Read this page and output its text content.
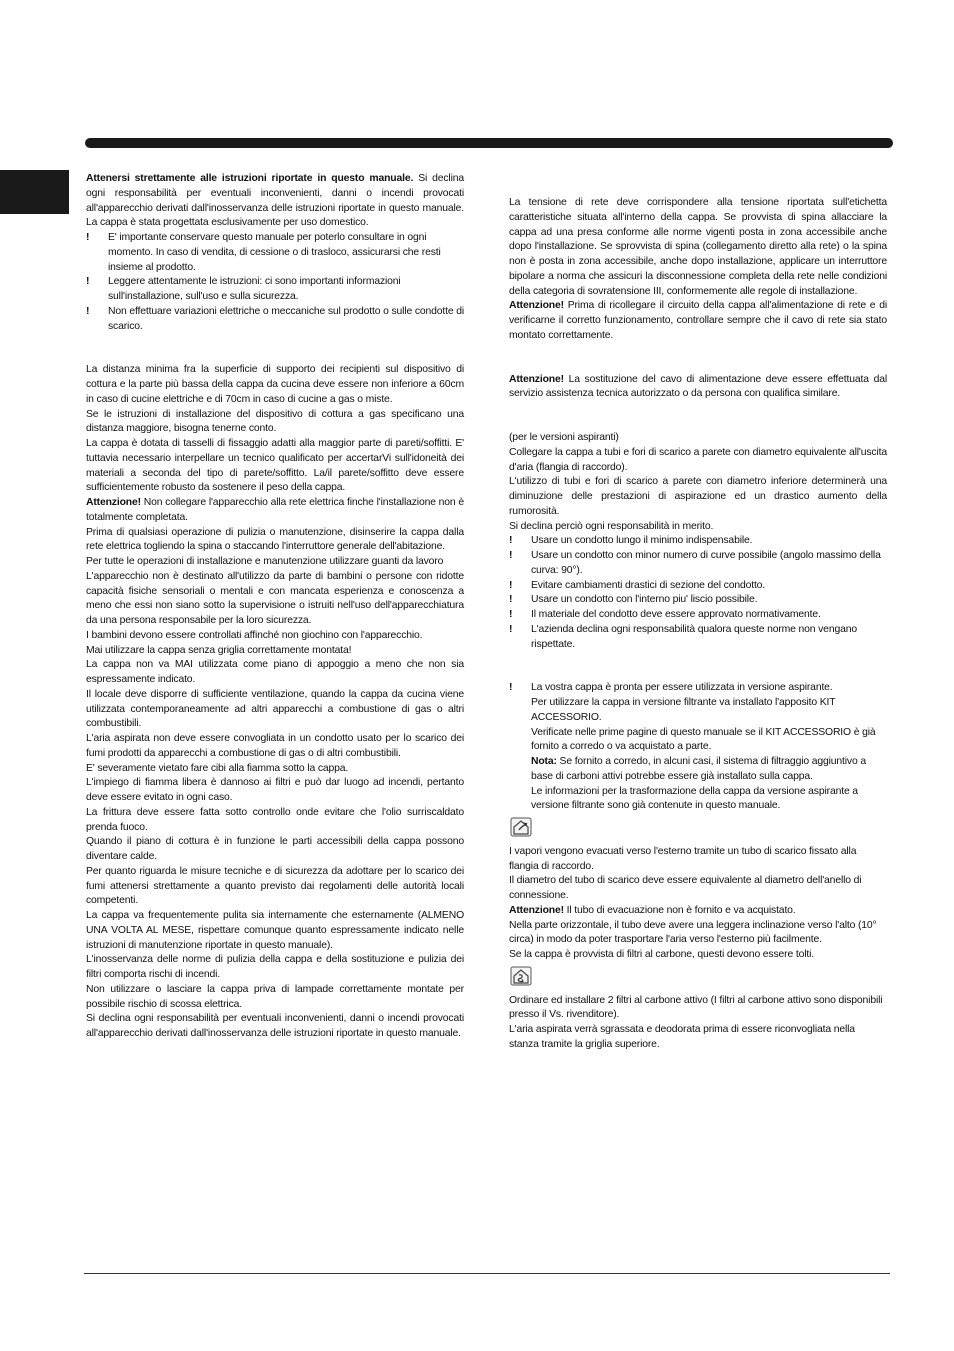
Attenersi strettamente alle istruzioni riportate in questo manuale. Si declina ogni responsabilità per eventuali inconvenienti, danni o incendi provocati all'apparecchio derivati dall'inosservanza delle istruzioni riportate in questo manuale. La cappa è stata progettata esclusivamente per uso domestico.

!	E' importante conservare questo manuale per poterlo consultare in ogni momento. In caso di vendita, di cessione o di trasloco, assicurarsi che resti insieme al prodotto.
!	Leggere attentamente le istruzioni: ci sono importanti informazioni sull'installazione, sull'uso e sulla sicurezza.
!	Non effettuare variazioni elettriche o meccaniche sul prodotto o sulle condotte di scarico.

La distanza minima fra la superficie di supporto dei recipienti sul dispositivo di cottura e la parte più bassa della cappa da cucina deve essere non inferiore a 60cm in caso di cucine elettriche e di 70cm in caso di cucine a gas o miste.

Se le istruzioni di installazione del dispositivo di cottura a gas specificano una distanza maggiore, bisogna tenerne conto.

La cappa è dotata di tasselli di fissaggio adatti alla maggior parte di pareti/soffitti. E' tuttavia necessario interpellare un tecnico qualificato per accertarVi sull'idoneità dei materiali a seconda del tipo di parete/soffitto. La/il parete/soffitto deve essere sufficientemente robusto da sostenere il peso della cappa.

Attenzione! Non collegare l'apparecchio alla rete elettrica finche l'installazione non è totalmente completata.

Prima di qualsiasi operazione di pulizia o manutenzione, disinserire la cappa dalla rete elettrica togliendo la spina o staccando l'interruttore generale dell'abitazione.

Per tutte le operazioni di installazione e manutenzione utilizzare guanti da lavoro

L'apparecchio non è destinato all'utilizzo da parte di bambini o persone con ridotte capacità fisiche sensoriali o mentali e con mancata esperienza e conoscenza a meno che essi non siano sotto la supervisione o istruiti nell'uso dell'apparecchiatura da una persona responsabile per la loro sicurezza.

I bambini devono essere controllati affinché non giochino con l'apparecchio.

Mai utilizzare la cappa senza griglia correttamente montata!

La cappa non va MAI utilizzata come piano di appoggio a meno che non sia espressamente indicato.

Il locale deve disporre di sufficiente ventilazione, quando la cappa da cucina viene utilizzata contemporaneamente ad altri apparecchi a combustione di gas o altri combustibili.

L'aria aspirata non deve essere convogliata in un condotto usato per lo scarico dei fumi prodotti da apparecchi a combustione di gas o di altri combustibili.

E' severamente vietato fare cibi alla fiamma sotto la cappa.

L'impiego di fiamma libera è dannoso ai filtri e può dar luogo ad incendi, pertanto deve essere evitato in ogni caso.

La frittura deve essere fatta sotto controllo onde evitare che l'olio surriscaldato prenda fuoco.

Quando il piano di cottura è in funzione le parti accessibili della cappa possono diventare calde.

Per quanto riguarda le misure tecniche e di sicurezza da adottare per lo scarico dei fumi attenersi strettamente a quanto previsto dai regolamenti delle autorità locali competenti.

La cappa va frequentemente pulita sia internamente che esternamente (ALMENO UNA VOLTA AL MESE, rispettare comunque quanto espressamente indicato nelle istruzioni di manutenzione riportate in questo manuale).

L'inosservanza delle norme di pulizia della cappa e della sostituzione e pulizia dei filtri comporta rischi di incendi.

Non utilizzare o lasciare la cappa priva di lampade correttamente montate per possibile rischio di scossa elettrica.

Si declina ogni responsabilità per eventuali inconvenienti, danni o incendi provocati all'apparecchio derivati dall'inosservanza delle istruzioni riportate in questo manuale.

La tensione di rete deve corrispondere alla tensione riportata sull'etichetta caratteristiche situata all'interno della cappa. Se provvista di spina allacciare la cappa ad una presa conforme alle norme vigenti posta in zona accessibile anche dopo l'installazione. Se sprovvista di spina (collegamento diretto alla rete) o la spina non è posta in zona accessibile, anche dopo installazione, applicare un interruttore bipolare a norma che assicuri la disconnessione completa della rete nelle condizioni della categoria di sovratensione III, conformemente alle regole di installazione.

Attenzione! Prima di ricollegare il circuito della cappa all'alimentazione di rete e di verificarne il corretto funzionamento, controllare sempre che il cavo di rete sia stato montato correttamente.

Attenzione! La sostituzione del cavo di alimentazione deve essere effettuata dal servizio assistenza tecnica autorizzato o da persona con qualifica similare.

(per le versioni aspiranti)

Collegare la cappa a tubi e fori di scarico a parete con diametro equivalente all'uscita d'aria (flangia di raccordo).

L'utilizzo di tubi e fori di scarico a parete con diametro inferiore determinerà una diminuzione delle prestazioni di aspirazione ed un drastico aumento della rumorosità.

Si declina perciò ogni responsabilità in merito.

!	Usare un condotto lungo il minimo indispensabile.
!	Usare un condotto con minor numero di curve possibile (angolo massimo della curva: 90°).
!	Evitare cambiamenti drastici di sezione del condotto.
!	Usare un condotto con l'interno piu' liscio possibile.
!	Il materiale del condotto deve essere approvato normativamente.
!	L'azienda declina ogni responsabilità qualora queste norme non vengano rispettate.
!	La vostra cappa è pronta per essere utilizzata in versione aspirante.
Per utilizzare la cappa in versione filtrante va installato l'apposito KIT ACCESSORIO.
Verificate nelle prime pagine di questo manuale se il KIT ACCESSORIO è già fornito a corredo o va acquistato a parte.
Nota: Se fornito a corredo, in alcuni casi, il sistema di filtraggio aggiuntivo a base di carboni attivi potrebbe essere già installato sulla cappa.
Le informazioni per la trasformazione della cappa da versione aspirante a versione filtrante sono già contenute in questo manuale.

I vapori vengono evacuati verso l'esterno tramite un tubo di scarico fissato alla flangia di raccordo.

Il diametro del tubo di scarico deve essere equivalente al diametro dell'anello di connessione.

Attenzione! Il tubo di evacuazione non è fornito e va acquistato.

Nella parte orizzontale, il tubo deve avere una leggera inclinazione verso l'alto (10° circa) in modo da poter trasportare l'aria verso l'esterno più facilmente.

Se la cappa è provvista di filtri al carbone, questi devono essere tolti.

Ordinare ed installare 2 filtri al carbone attivo (I filtri al carbone attivo sono disponibili presso il Vs. rivenditore).

L'aria aspirata verrà sgrassata e deodorata prima di essere riconvogliata nella stanza tramite la griglia superiore.
